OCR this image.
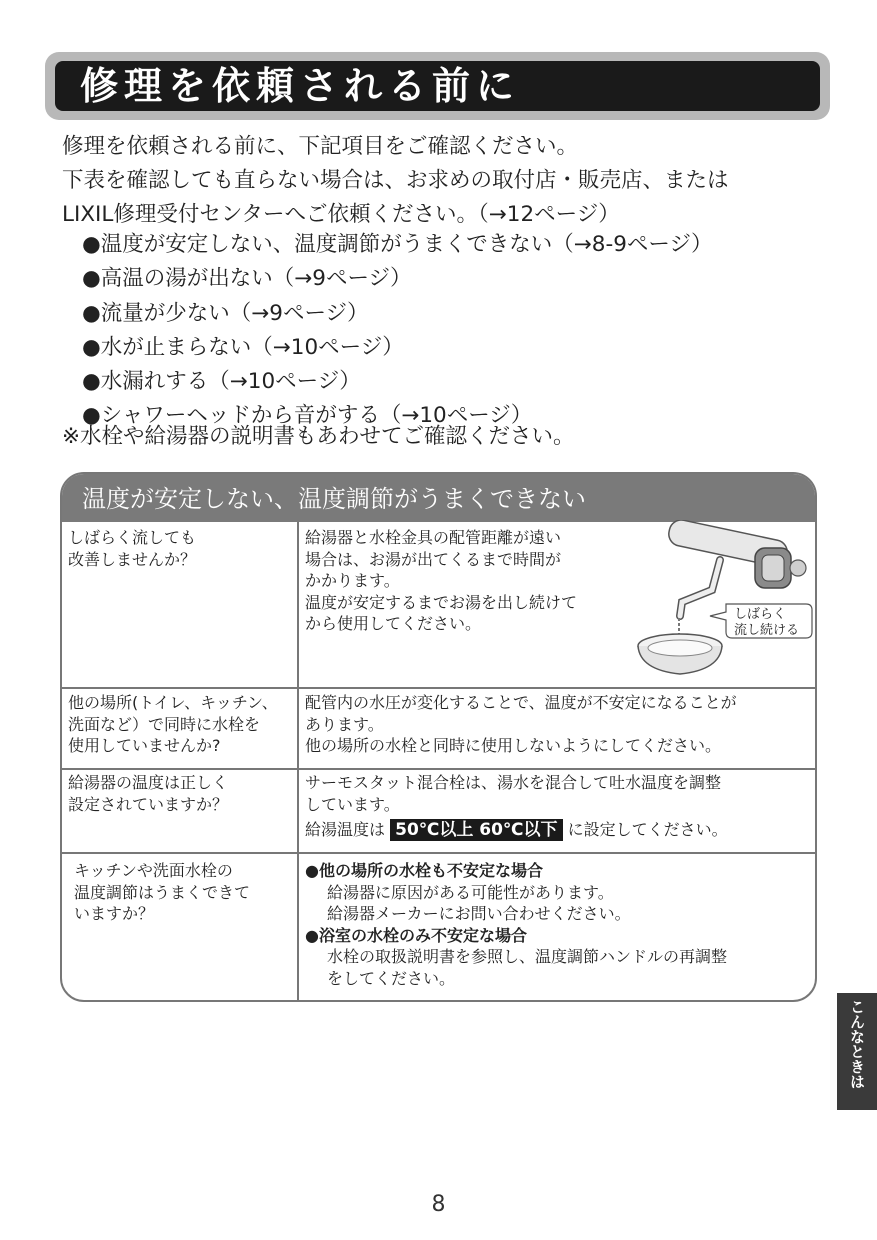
修理を依頼される前に

修理を依頼される前に、下記項目をご確認ください。

下表を確認しても直らない場合は、お求めの取付店・販売店、または

LIXIL修理受付センターへご依頼ください。（→12ページ）

●温度が安定しない、温度調節がうまくできない（→8-9ページ）
●高温の湯が出ない（→9ページ）
●流量が少ない（→9ページ）
●水が止まらない（→10ページ）
●水漏れする（→10ページ）
●シャワーヘッドから音がする（→10ページ）
※水栓や給湯器の説明書もあわせてご確認ください。
温度が安定しない、温度調節がうまくできない

しばらく流しても

改善しませんか？

給湯器と水栓金具の配管距離が遠い

場合は、お湯が出てくるまで時間が

かかります。

温度が安定するまでお湯を出し続けて

から使用してください。

他の場所(トイレ、キッチン、

洗面など）で同時に水栓を

使用していませんか?

配管内の水圧が変化することで、温度が不安定になることが

あります。

他の場所の水栓と同時に使用しないようにしてください。

給湯器の温度は正しく

設定されていますか？

サーモスタット混合栓は、湯水を混合して吐水温度を調整

しています。

給湯温度は 50℃以上 60℃以下 に設定してください。

キッチンや洗面水栓の

温度調節はうまくできて

いますか？

●他の場所の水栓も不安定な場合

給湯器に原因がある可能性があります。

給湯器メーカーにお問い合わせください。

●浴室の水栓のみ不安定な場合

水栓の取扱説明書を参照し、温度調節ハンドルの再調整

をしてください。

しばらく
流し続ける
こんなときは
8
